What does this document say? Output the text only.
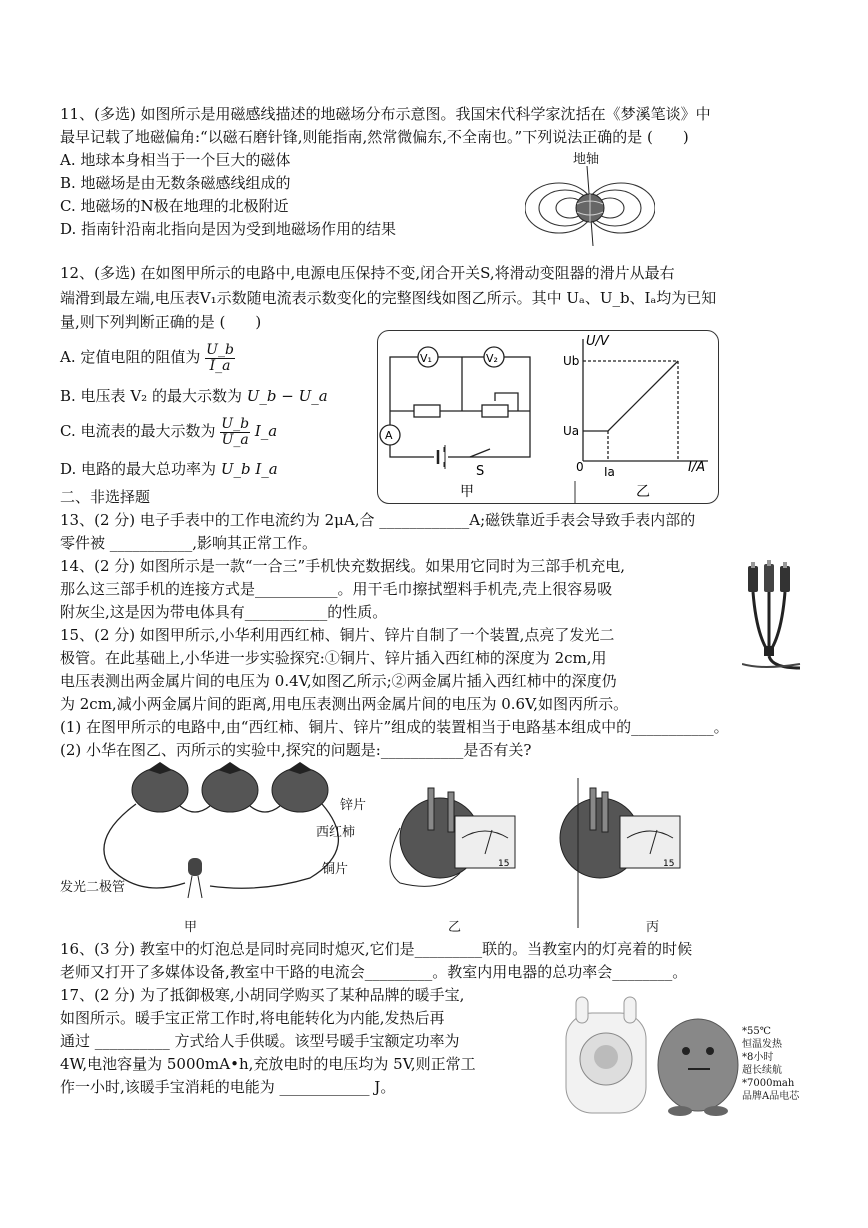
11、(多选) 如图所示是用磁感线描述的地磁场分布示意图。我国宋代科学家沈括在《梦溪笔谈》中
最早记载了地磁偏角:“以磁石磨针锋,则能指南,然常微偏东,不全南也。”下列说法正确的是 (　　)
A. 地球本身相当于一个巨大的磁体
B. 地磁场是由无数条磁感线组成的
C. 地磁场的N极在地理的北极附近
D. 指南针沿南北指向是因为受到地磁场作用的结果
地轴
12、(多选) 在如图甲所示的电路中,电源电压保持不变,闭合开关S,将滑动变阻器的滑片从最右
端滑到最左端,电压表V₁示数随电流表示数变化的完整图线如图乙所示。其中 Uₐ、U_b、Iₐ均为已知
量,则下列判断正确的是 (　　)
A. 定值电阻的阻值为 $\frac{U\_b}{I\_a}$
B. 电压表 V₂ 的最大示数为 U_b − U_a
C. 电流表的最大示数为 $\frac{U\_b}{U\_a}$ I_a
D. 电路的最大总功率为 U_b I_a
V₁	V₂
A
S
U/V
I/A
Ub
Ua
Ia
0
甲	乙
二、非选择题
13、(2 分) 电子手表中的工作电流约为 2μA,合 ____________A;磁铁靠近手表会导致手表内部的
零件被 ___________,影响其正常工作。
14、(2 分) 如图所示是一款“一合三”手机快充数据线。如果用它同时为三部手机充电,
那么这三部手机的连接方式是___________。用干毛巾擦拭塑料手机壳,壳上很容易吸
附灰尘,这是因为带电体具有___________的性质。
15、(2 分) 如图甲所示,小华利用西红柿、铜片、锌片自制了一个装置,点亮了发光二
极管。在此基础上,小华进一步实验探究:①铜片、锌片插入西红柿的深度为 2cm,用
电压表测出两金属片间的电压为 0.4V,如图乙所示;②两金属片插入西红柿中的深度仍
为 2cm,减小两金属片间的距离,用电压表测出两金属片间的电压为 0.6V,如图丙所示。
(1) 在图甲所示的电路中,由“西红柿、铜片、锌片”组成的装置相当于电路基本组成中的___________。
(2) 小华在图乙、丙所示的实验中,探究的问题是:___________是否有关?
15	15
锌片
西红柿
铜片
发光二极管
甲	乙	丙
16、(3 分) 教室中的灯泡总是同时亮同时熄灭,它们是_________联的。当教室内的灯亮着的时候
老师又打开了多媒体设备,教室中干路的电流会_________。教室内用电器的总功率会________。
17、(2 分) 为了抵御极寒,小胡同学购买了某种品牌的暖手宝,
如图所示。暖手宝正常工作时,将电能转化为内能,发热后再
通过 __________ 方式给人手供暖。该型号暖手宝额定功率为
4W,电池容量为 5000mA•h,充放电时的电压均为 5V,则正常工
作一小时,该暖手宝消耗的电能为 ____________ J。
*55℃
恒温发热
*8小时
超长续航
*7000mah
品牌A品电芯
